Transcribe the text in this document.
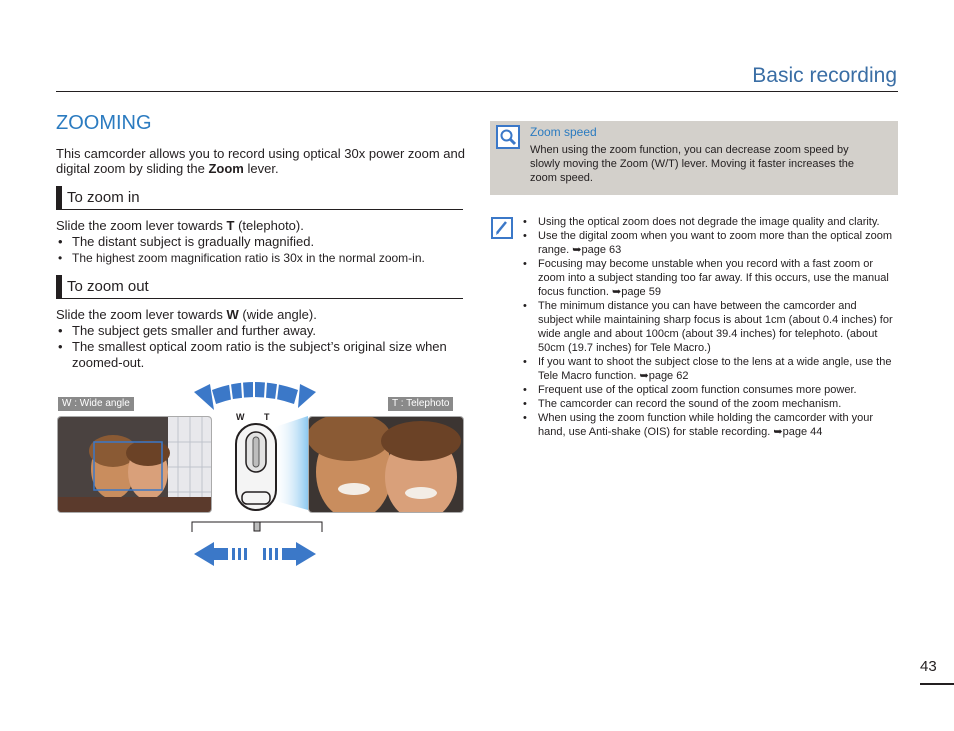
Basic recording
ZOOMING
This camcorder allows you to record using optical 30x power zoom and digital zoom by sliding the Zoom lever.
To zoom in
Slide the zoom lever towards T (telephoto).
• The distant subject is gradually magnified.
• The highest zoom magnification ratio is 30x in the normal zoom-in.
To zoom out
Slide the zoom lever towards W (wide angle).
• The subject gets smaller and further away.
• The smallest optical zoom ratio is the subject’s original size when zoomed-out.
W : Wide angle	T : Telephoto
W T
Zoom speed
When using the zoom function, you can decrease zoom speed by slowly moving the Zoom (W/T) lever. Moving it faster increases the zoom speed.
• Using the optical zoom does not degrade the image quality and clarity.
• Use the digital zoom when you want to zoom more than the optical zoom range. ➥page 63
• Focusing may become unstable when you record with a fast zoom or zoom into a subject standing too far away. If this occurs, use the manual focus function. ➥page 59
• The minimum distance you can have between the camcorder and subject while maintaining sharp focus is about 1cm (about 0.4 inches) for wide angle and about 100cm (about 39.4 inches) for telephoto. (about 50cm (19.7 inches) for Tele Macro.)
• If you want to shoot the subject close to the lens at a wide angle, use the Tele Macro function. ➥page 62
• Frequent use of the optical zoom function consumes more power.
• The camcorder can record the sound of the zoom mechanism.
• When using the zoom function while holding the camcorder with your hand, use Anti-shake (OIS) for stable recording. ➥page 44
43
